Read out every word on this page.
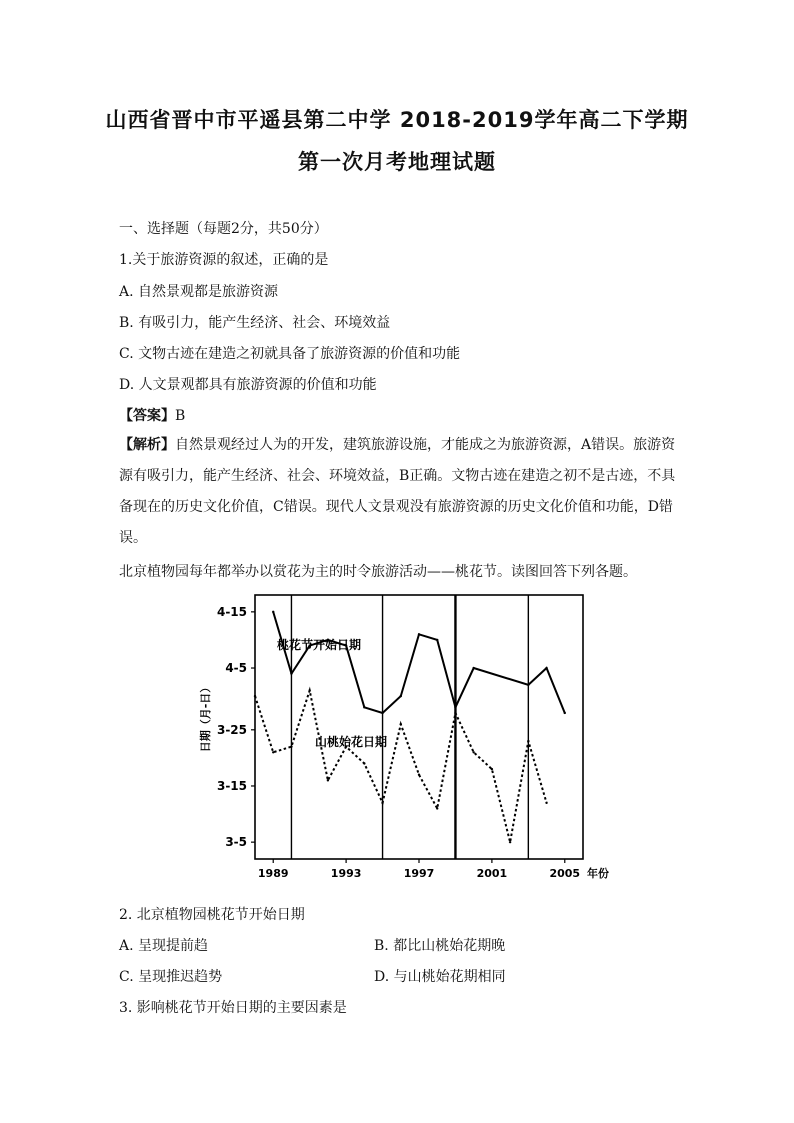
山西省晋中市平遥县第二中学 2018-2019学年高二下学期
第一次月考地理试题
一、选择题（每题2分，共50分）
1.关于旅游资源的叙述，正确的是
A. 自然景观都是旅游资源
B. 有吸引力，能产生经济、社会、环境效益
C. 文物古迹在建造之初就具备了旅游资源的价值和功能
D. 人文景观都具有旅游资源的价值和功能
【答案】B
【解析】自然景观经过人为的开发，建筑旅游设施，才能成之为旅游资源，A错误。旅游资源有吸引力，能产生经济、社会、环境效益，B正确。文物古迹在建造之初不是古迹，不具备现在的历史文化价值，C错误。现代人文景观没有旅游资源的历史文化价值和功能，D错误。
北京植物园每年都举办以赏花为主的时令旅游活动——桃花节。读图回答下列各题。
4-15
4-5
3-25
3-15
3-5
1989	1993	1997	2001	2005 年份
日期（月-日）
桃花节开始日期
山桃始花日期
2. 北京植物园桃花节开始日期
A. 呈现提前趋	B. 都比山桃始花期晚
C. 呈现推迟趋势	D. 与山桃始花期相同
3. 影响桃花节开始日期的主要因素是
